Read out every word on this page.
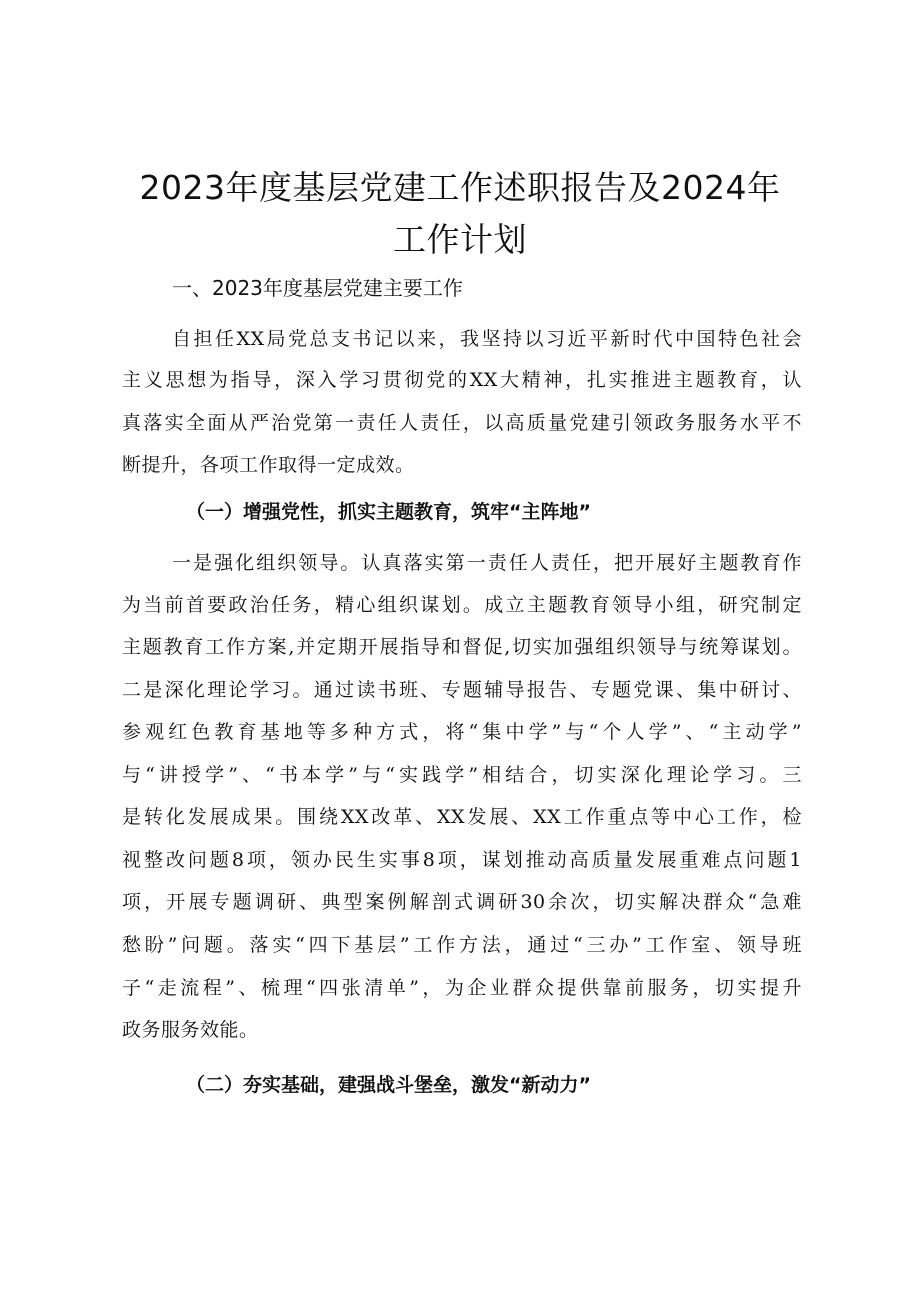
2023年度基层党建工作述职报告及2024年
工作计划
一、2023年度基层党建主要工作
自担任XX局党总支书记以来，我坚持以习近平新时代中国特色社会
主义思想为指导，深入学习贯彻党的XX大精神，扎实推进主题教育，认
真落实全面从严治党第一责任人责任，以高质量党建引领政务服务水平不
断提升，各项工作取得一定成效。
（一）增强党性，抓实主题教育，筑牢“主阵地”
一是强化组织领导。认真落实第一责任人责任，把开展好主题教育作
为当前首要政治任务，精心组织谋划。成立主题教育领导小组，研究制定
主题教育工作方案,并定期开展指导和督促,切实加强组织领导与统筹谋划。
二是深化理论学习。通过读书班、专题辅导报告、专题党课、集中研讨、
参观红色教育基地等多种方式，将“集中学”与“个人学”、“主动学”
与“讲授学”、“书本学”与“实践学”相结合，切实深化理论学习。三
是转化发展成果。围绕XX改革、XX发展、XX工作重点等中心工作，检
视整改问题8项，领办民生实事8项，谋划推动高质量发展重难点问题1
项，开展专题调研、典型案例解剖式调研30余次，切实解决群众“急难
愁盼”问题。落实“四下基层”工作方法，通过“三办”工作室、领导班
子“走流程”、梳理“四张清单”，为企业群众提供靠前服务，切实提升
政务服务效能。
（二）夯实基础，建强战斗堡垒，激发“新动力”
